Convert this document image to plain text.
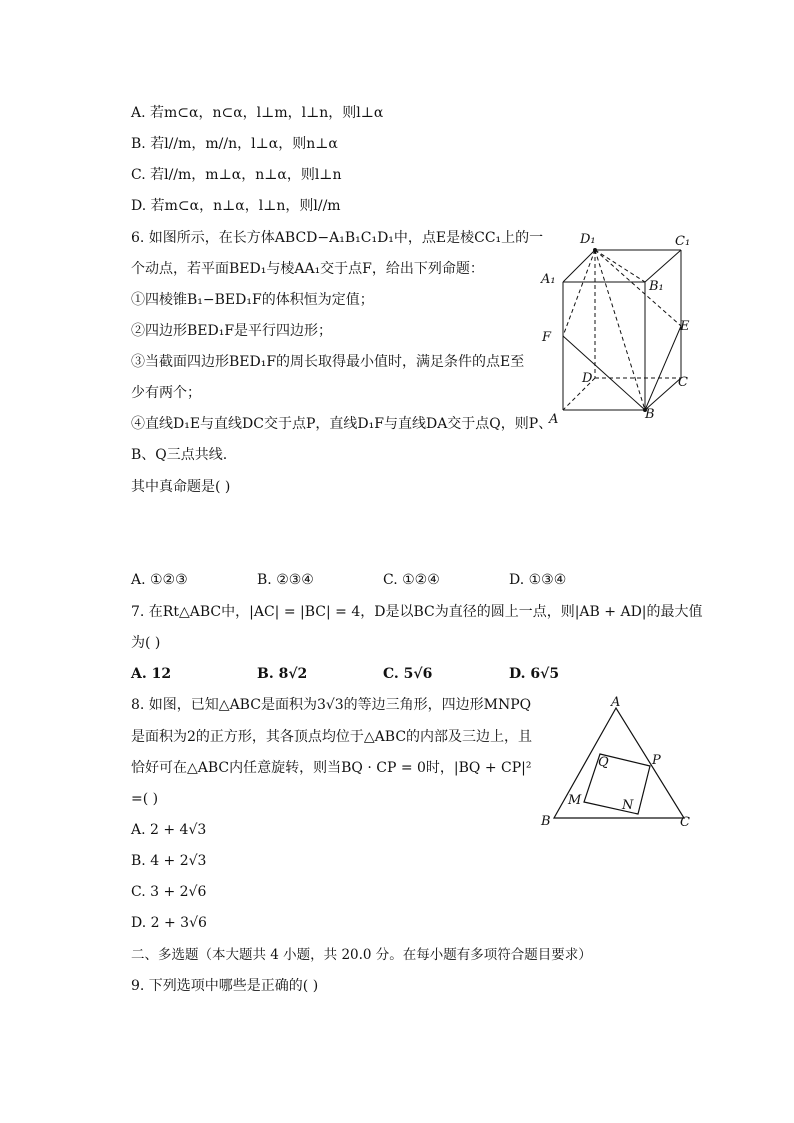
A. 若m⊂α，n⊂α，l⊥m，l⊥n，则l⊥α
B. 若l//m，m//n，l⊥α，则n⊥α
C. 若l//m，m⊥α，n⊥α，则l⊥n
D. 若m⊂α，n⊥α，l⊥n，则l//m
6. 如图所示，在长方体ABCD−A₁B₁C₁D₁中，点E是棱CC₁上的一
个动点，若平面BED₁与棱AA₁交于点F，给出下列命题：
①四棱锥B₁−BED₁F的体积恒为定值；
②四边形BED₁F是平行四边形；
③当截面四边形BED₁F的周长取得最小值时，满足条件的点E至
少有两个；
④直线D₁E与直线DC交于点P，直线D₁F与直线DA交于点Q，则P、
B、Q三点共线.
其中真命题是( )
A. ①②③	B. ②③④	C. ①②④	D. ①③④
D₁	C₁
A₁	B₁
F
E
D	C
A	B
7. 在Rt△ABC中，|AC| = |BC| = 4，D是以BC为直径的圆上一点，则|AB + AD|的最大值
为( )
A. 12	B. 8√2	C. 5√6	D. 6√5
8. 如图，已知△ABC是面积为3√3的等边三角形，四边形MNPQ
是面积为2的正方形，其各顶点均位于△ABC的内部及三边上，且
恰好可在△ABC内任意旋转，则当BQ · CP = 0时，|BQ + CP|²
=( )
A. 2 + 4√3
B. 4 + 2√3
C. 3 + 2√6
D. 2 + 3√6
A
B	C
M	N
P
Q
二、多选题（本大题共 4 小题，共 20.0 分。在每小题有多项符合题目要求）
9. 下列选项中哪些是正确的( )
